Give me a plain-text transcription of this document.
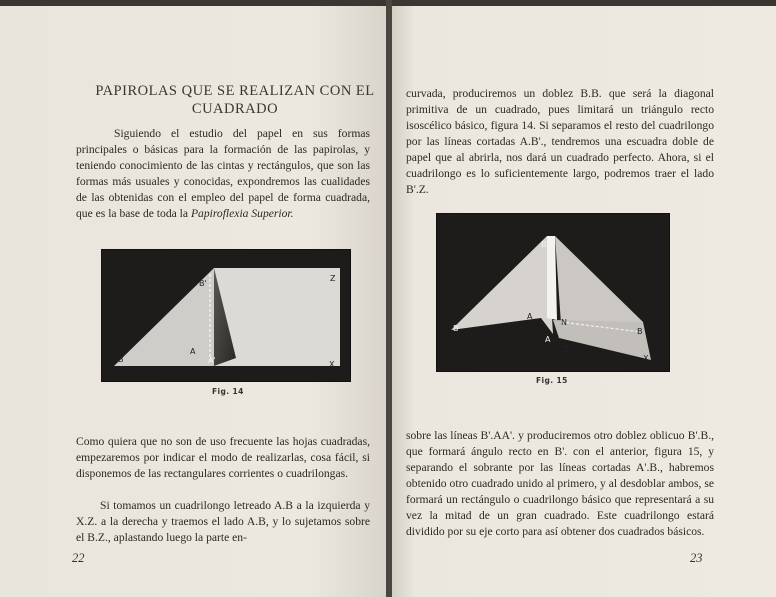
PAPIROLAS QUE SE REALIZAN CON EL CUADRADO

Siguiendo el estudio del papel en sus formas principales o básicas para la formación de las papirolas, y teniendo conocimiento de las cintas y rectángulos, que son las formas más usuales y conocidas, expondremos las cualidades de las obtenidas con el empleo del papel de forma cuadrada, que es la base de toda la Papiroflexia Superior.

B'
Z
A
A'
B
X
Fig. 14

Como quiera que no son de uso frecuente las hojas cuadradas, empezaremos por indicar el modo de realizarlas, cosa fácil, si disponemos de las rectangulares corrientes o cuadrilongas.

Si tomamos un cuadrilongo letreado A.B a la izquierda y X.Z. a la derecha y traemos el lado A.B, y lo sujetamos sobre el B.Z., aplastando luego la parte en-

22

curvada, produciremos un doblez B.B. que será la diagonal primitiva de un cuadrado, pues limitará un triángulo recto isoscélico básico, figura 14. Si separamos el resto del cuadrilongo por las líneas cortadas A.B'., tendremos una escuadra doble de papel que al abrirla, nos dará un cuadrado perfecto. Ahora, si el cuadrilongo es lo suficientemente largo, podremos traer el lado B'.Z.

B
B
A
N
B
A
Z
X
Fig. 15

sobre las líneas B'.AA'. y produciremos otro doblez oblicuo B'.B., que formará ángulo recto en B'. con el anterior, figura 15, y separando el sobrante por las líneas cortadas A'.B., habremos obtenido otro cuadrado unido al primero, y al desdoblar ambos, se formará un rectángulo o cuadrilongo básico que representará a su vez la mitad de un gran cuadrado. Este cuadrilongo estará dividido por su eje corto para así obtener dos cuadrados básicos.

23
